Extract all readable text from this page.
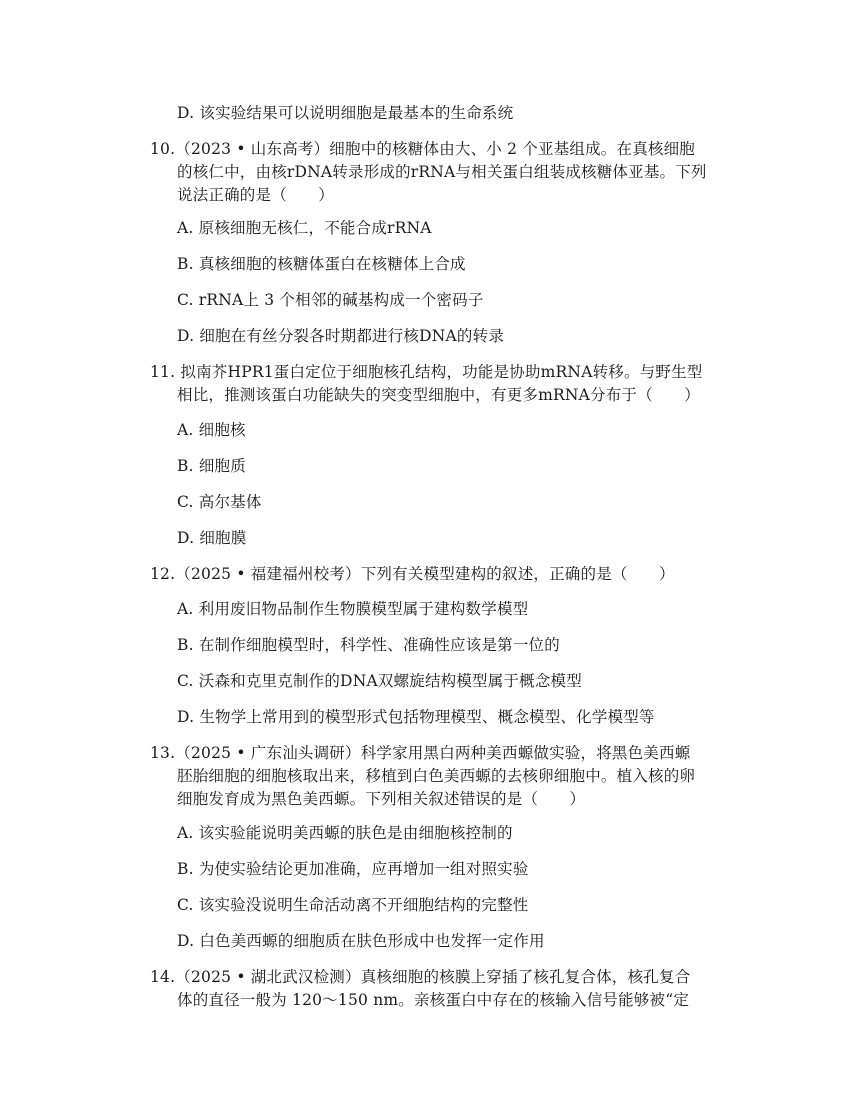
D. 该实验结果可以说明细胞是最基本的生命系统
10.（2023 • 山东高考）细胞中的核糖体由大、小 2 个亚基组成。在真核细胞
的核仁中，由核rDNA转录形成的rRNA与相关蛋白组装成核糖体亚基。下列
说法正确的是（　　）
A. 原核细胞无核仁，不能合成rRNA
B. 真核细胞的核糖体蛋白在核糖体上合成
C. rRNA上 3 个相邻的碱基构成一个密码子
D. 细胞在有丝分裂各时期都进行核DNA的转录
11. 拟南芥HPR1蛋白定位于细胞核孔结构，功能是协助mRNA转移。与野生型
相比，推测该蛋白功能缺失的突变型细胞中，有更多mRNA分布于（　　）
A. 细胞核
B. 细胞质
C. 高尔基体
D. 细胞膜
12.（2025 • 福建福州校考）下列有关模型建构的叙述，正确的是（　　）
A. 利用废旧物品制作生物膜模型属于建构数学模型
B. 在制作细胞模型时，科学性、准确性应该是第一位的
C. 沃森和克里克制作的DNA双螺旋结构模型属于概念模型
D. 生物学上常用到的模型形式包括物理模型、概念模型、化学模型等
13.（2025 • 广东汕头调研）科学家用黑白两种美西螈做实验，将黑色美西螈
胚胎细胞的细胞核取出来，移植到白色美西螈的去核卵细胞中。植入核的卵
细胞发育成为黑色美西螈。下列相关叙述错误的是（　　）
A. 该实验能说明美西螈的肤色是由细胞核控制的
B. 为使实验结论更加准确，应再增加一组对照实验
C. 该实验没说明生命活动离不开细胞结构的完整性
D. 白色美西螈的细胞质在肤色形成中也发挥一定作用
14.（2025 • 湖北武汉检测）真核细胞的核膜上穿插了核孔复合体，核孔复合
体的直径一般为 120～150 nm。亲核蛋白中存在的核输入信号能够被“定
